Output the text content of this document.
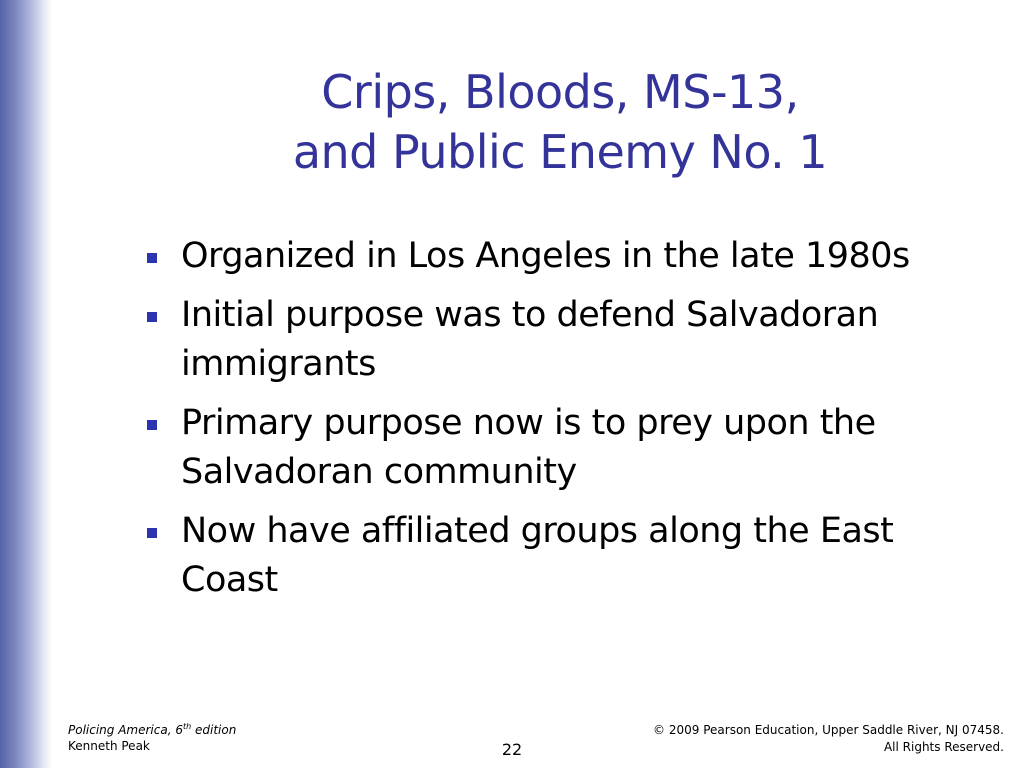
Crips, Bloods, MS-13,
and Public Enemy No. 1
Organized in Los Angeles in the late 1980s
Initial purpose was to defend Salvadoran immigrants
Primary purpose now is to prey upon the Salvadoran community
Now have affiliated groups along the East Coast
Policing America, 6th edition
Kenneth Peak	22
© 2009 Pearson Education, Upper Saddle River, NJ 07458.
All Rights Reserved.
